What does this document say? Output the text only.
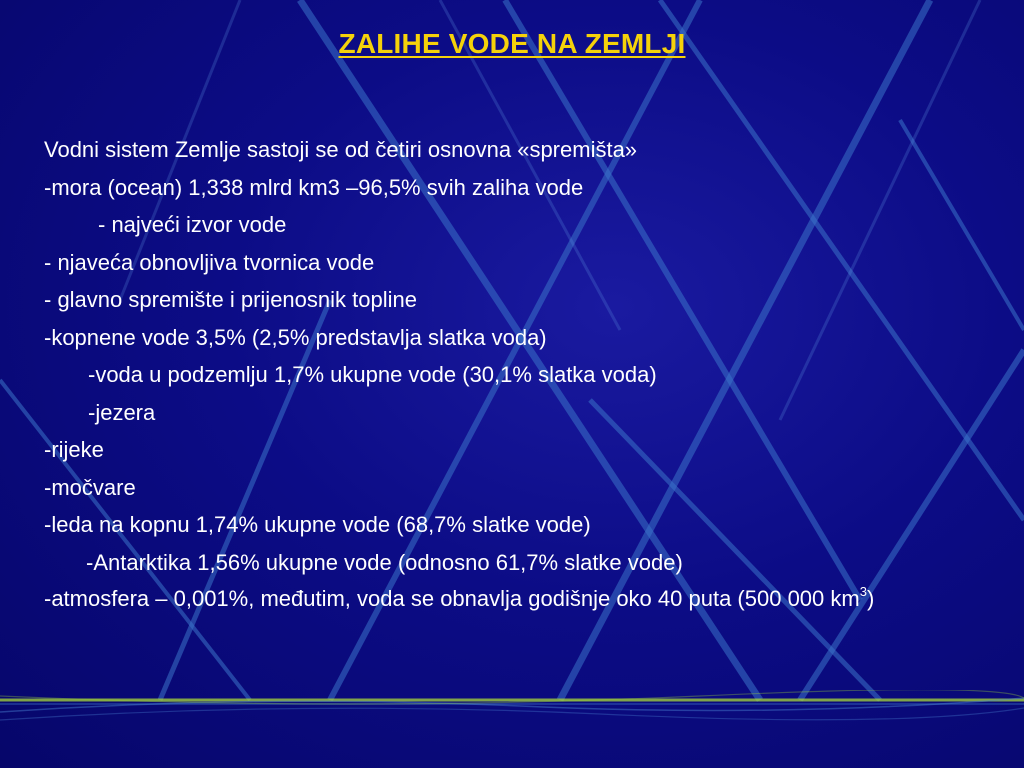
ZALIHE VODE NA ZEMLJI
Vodni sistem Zemlje sastoji se od četiri osnovna «spremišta»
-mora (ocean) 1,338 mlrd km3 –96,5% svih zaliha vode
- najveći izvor vode
- njaveća obnovljiva tvornica vode
- glavno spremište i prijenosnik topline
-kopnene vode 3,5% (2,5% predstavlja slatka voda)
-voda u podzemlju 1,7% ukupne vode (30,1% slatka voda)
-jezera
-rijeke
-močvare
-leda na kopnu 1,74% ukupne vode (68,7% slatke vode)
-Antarktika 1,56% ukupne vode (odnosno 61,7% slatke vode)
-atmosfera – 0,001%, međutim, voda se obnavlja godišnje oko 40 puta (500 000 $km^3$)
